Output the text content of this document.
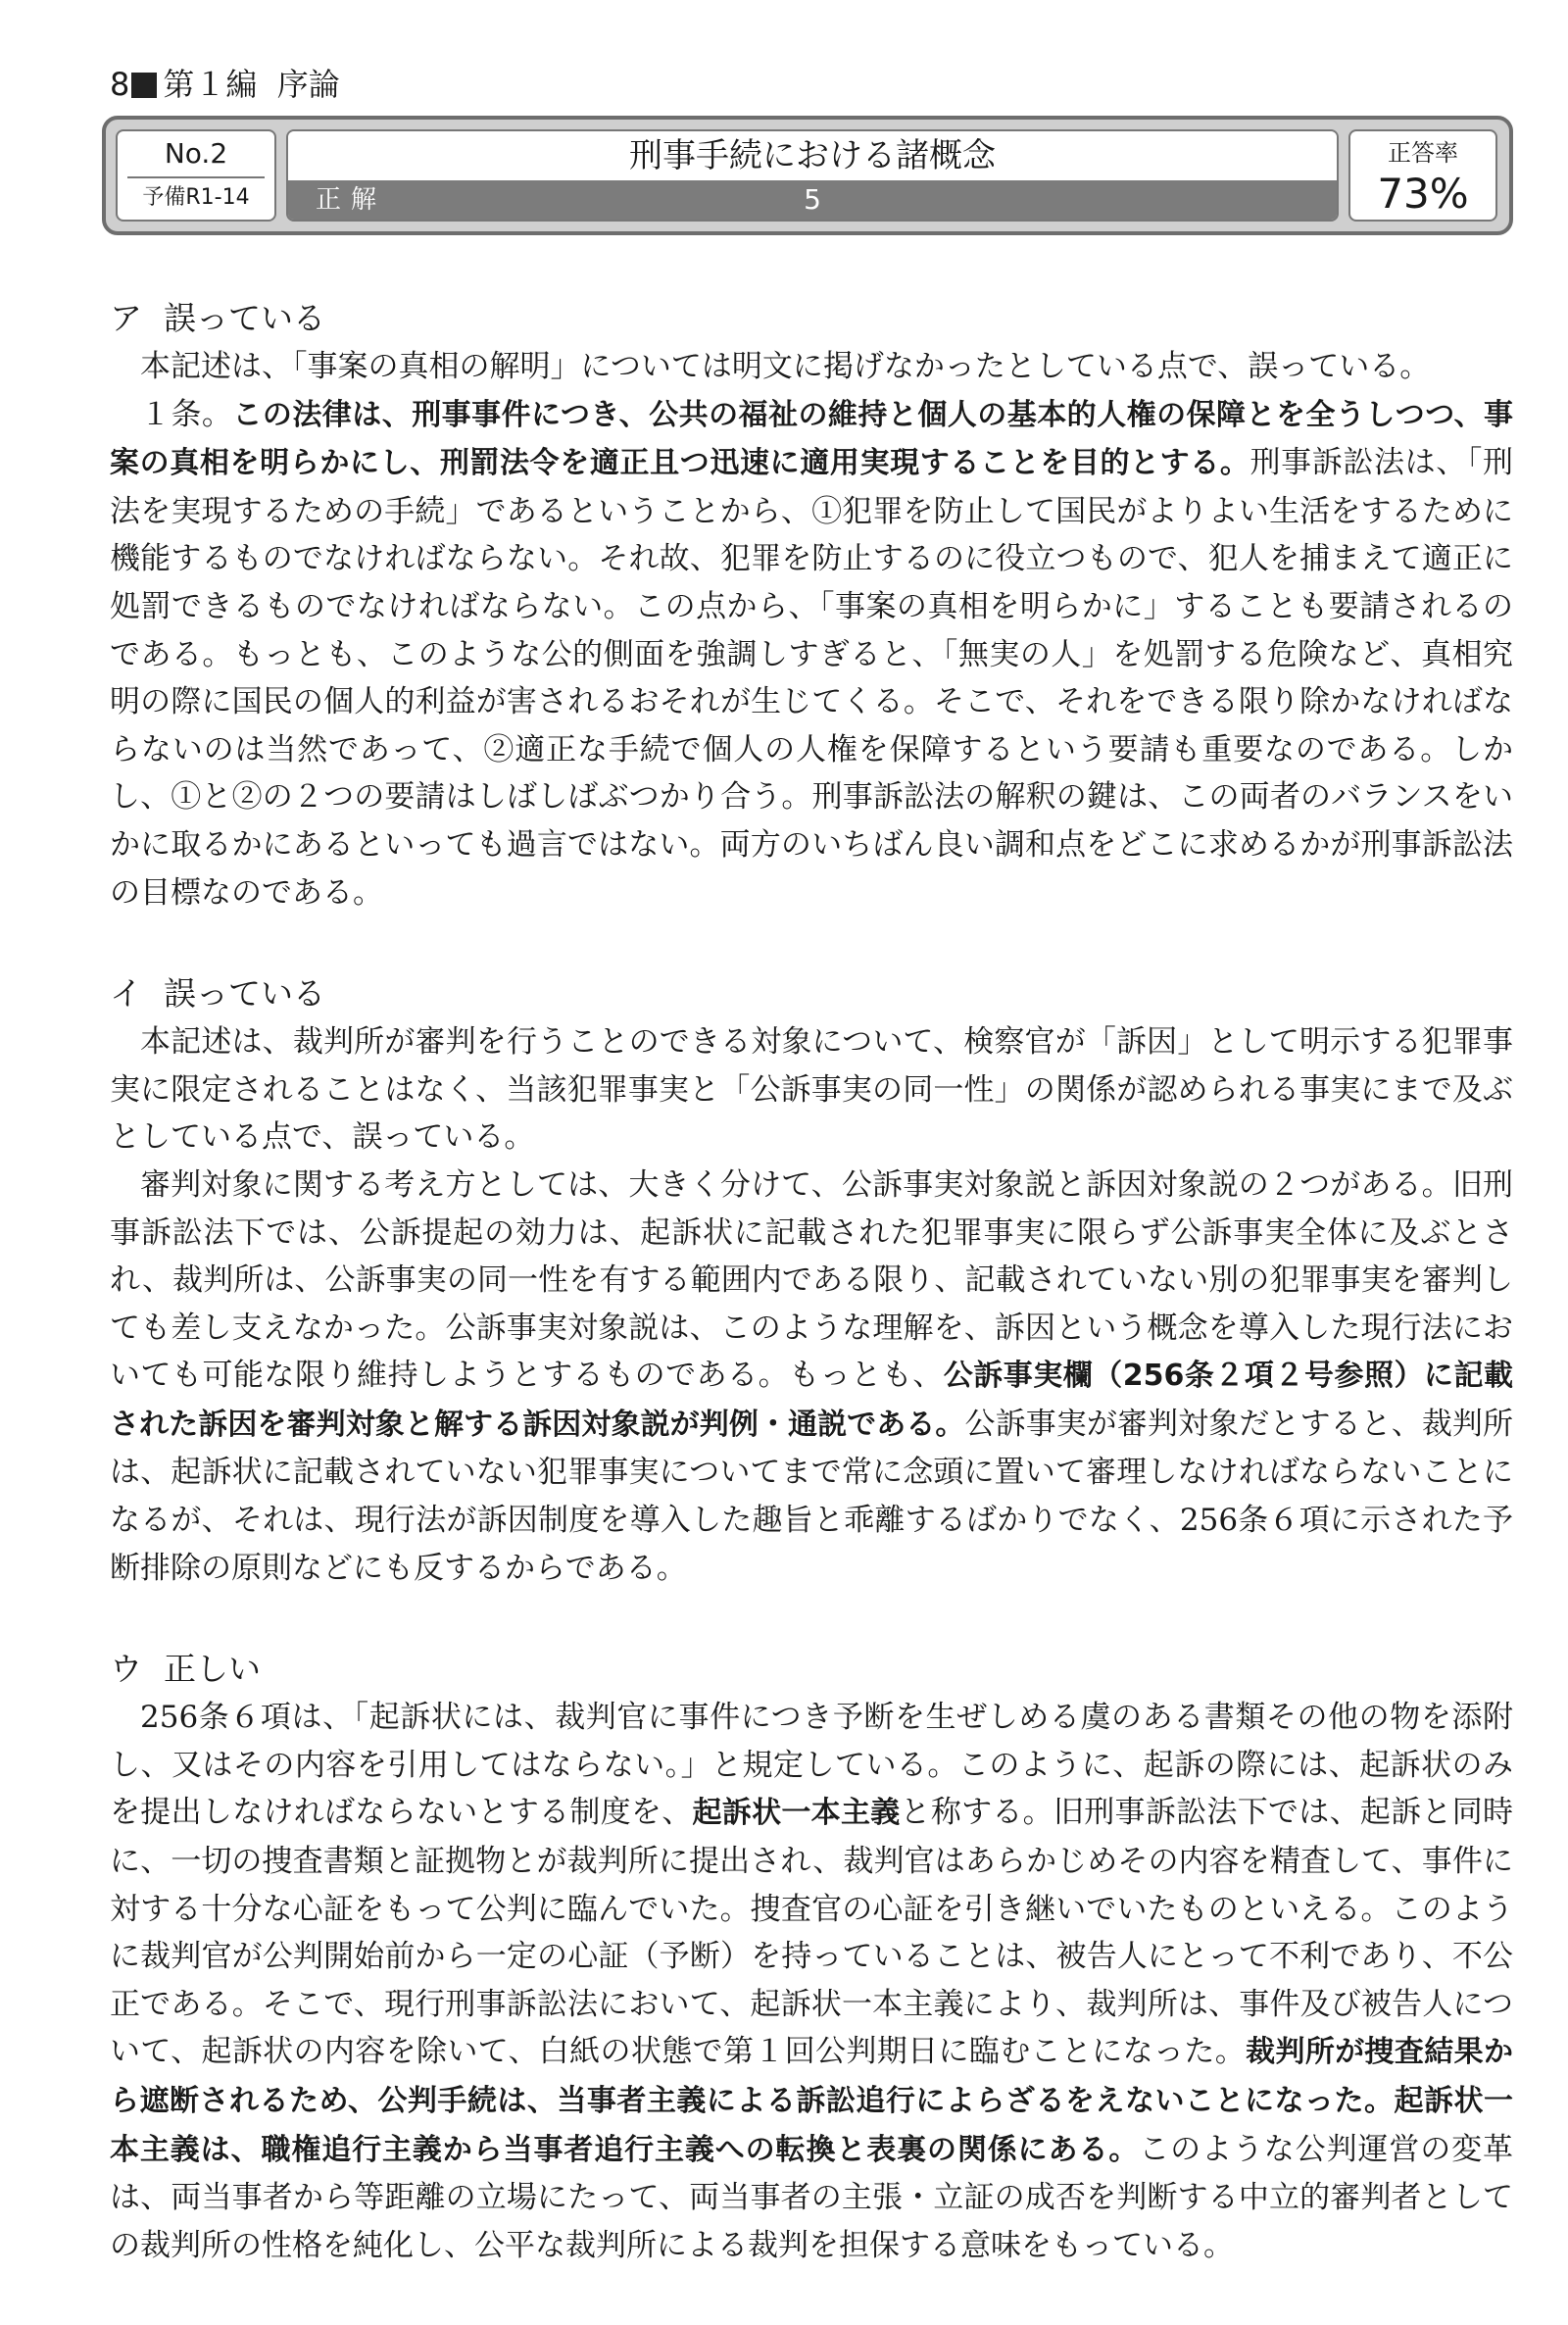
8 第１編 序論
No.2
予備R1-14
刑事手続における諸概念
正解	5
正答率
73%
ア 誤っている

本記述は、「事案の真相の解明」については明文に掲げなかったとしている点で、誤っている。

１条。この法律は、刑事事件につき、公共の福祉の維持と個人の基本的人権の保障とを全うしつつ、事案の真相を明らかにし、刑罰法令を適正且つ迅速に適用実現することを目的とする。刑事訴訟法は、「刑法を実現するための手続」であるということから、①犯罪を防止して国民がよりよい生活をするために機能するものでなければならない。それ故、犯罪を防止するのに役立つもので、犯人を捕まえて適正に処罰できるものでなければならない。この点から、「事案の真相を明らかに」することも要請されるのである。もっとも、このような公的側面を強調しすぎると、「無実の人」を処罰する危険など、真相究明の際に国民の個人的利益が害されるおそれが生じてくる。そこで、それをできる限り除かなければならないのは当然であって、②適正な手続で個人の人権を保障するという要請も重要なのである。しかし、①と②の２つの要請はしばしばぶつかり合う。刑事訴訟法の解釈の鍵は、この両者のバランスをいかに取るかにあるといっても過言ではない。両方のいちばん良い調和点をどこに求めるかが刑事訴訟法の目標なのである。

イ 誤っている

本記述は、裁判所が審判を行うことのできる対象について、検察官が「訴因」として明示する犯罪事実に限定されることはなく、当該犯罪事実と「公訴事実の同一性」の関係が認められる事実にまで及ぶとしている点で、誤っている。

審判対象に関する考え方としては、大きく分けて、公訴事実対象説と訴因対象説の２つがある。旧刑事訴訟法下では、公訴提起の効力は、起訴状に記載された犯罪事実に限らず公訴事実全体に及ぶとされ、裁判所は、公訴事実の同一性を有する範囲内である限り、記載されていない別の犯罪事実を審判しても差し支えなかった。公訴事実対象説は、このような理解を、訴因という概念を導入した現行法においても可能な限り維持しようとするものである。もっとも、公訴事実欄（256条２項２号参照）に記載された訴因を審判対象と解する訴因対象説が判例・通説である。公訴事実が審判対象だとすると、裁判所は、起訴状に記載されていない犯罪事実についてまで常に念頭に置いて審理しなければならないことになるが、それは、現行法が訴因制度を導入した趣旨と乖離するばかりでなく、256条６項に示された予断排除の原則などにも反するからである。

ウ 正しい

256条６項は、「起訴状には、裁判官に事件につき予断を生ぜしめる虞のある書類その他の物を添附し、又はその内容を引用してはならない。」と規定している。このように、起訴の際には、起訴状のみを提出しなければならないとする制度を、起訴状一本主義と称する。旧刑事訴訟法下では、起訴と同時に、一切の捜査書類と証拠物とが裁判所に提出され、裁判官はあらかじめその内容を精査して、事件に対する十分な心証をもって公判に臨んでいた。捜査官の心証を引き継いでいたものといえる。このように裁判官が公判開始前から一定の心証（予断）を持っていることは、被告人にとって不利であり、不公正である。そこで、現行刑事訴訟法において、起訴状一本主義により、裁判所は、事件及び被告人について、起訴状の内容を除いて、白紙の状態で第１回公判期日に臨むことになった。裁判所が捜査結果から遮断されるため、公判手続は、当事者主義による訴訟追行によらざるをえないことになった。起訴状一本主義は、職権追行主義から当事者追行主義への転換と表裏の関係にある。このような公判運営の変革は、両当事者から等距離の立場にたって、両当事者の主張・立証の成否を判断する中立的審判者としての裁判所の性格を純化し、公平な裁判所による裁判を担保する意味をもっている。
